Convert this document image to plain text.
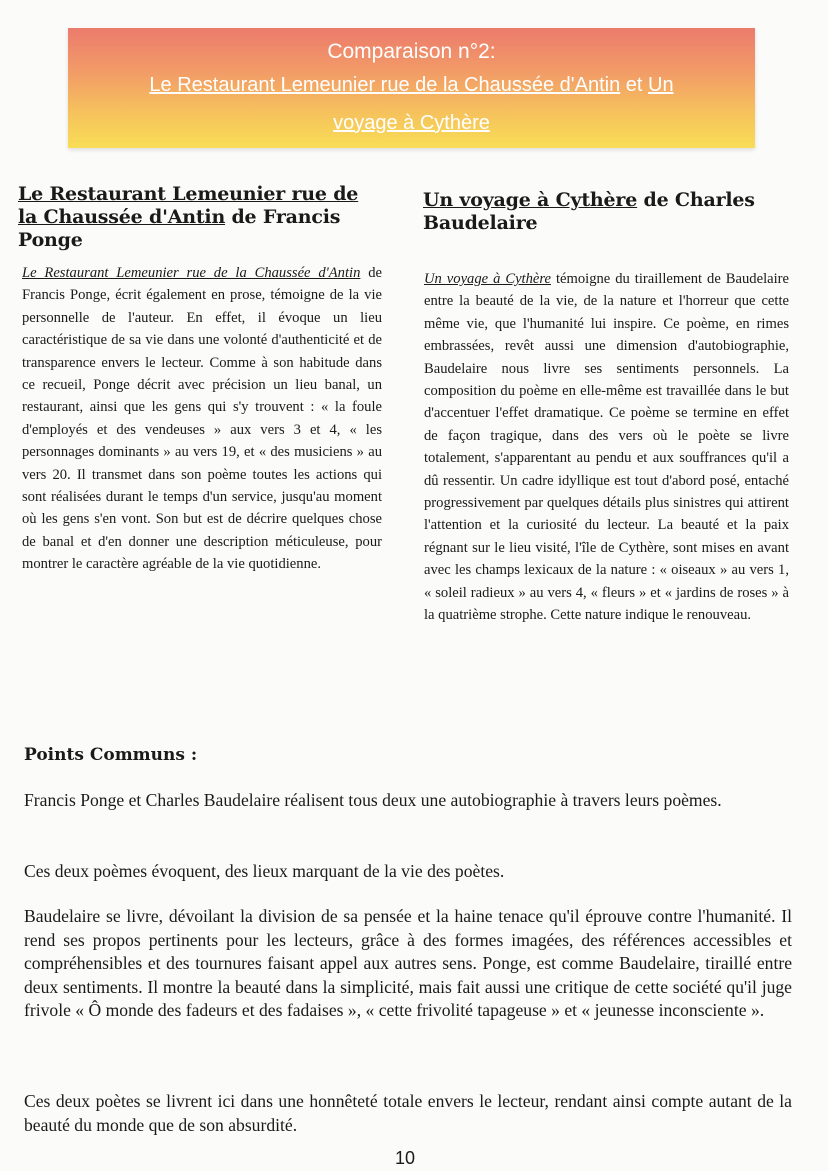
Comparaison n°2:
Le Restaurant Lemeunier rue de la Chaussée d'Antin et Un
voyage à Cythère
Le Restaurant Lemeunier rue de
la Chaussée d'Antin de Francis
Ponge

Le Restaurant Lemeunier rue de la Chaussée d'Antin de Francis Ponge, écrit également en prose, témoigne de la vie personnelle de l'auteur. En effet, il évoque un lieu caractéristique de sa vie dans une volonté d'authenticité et de transparence envers le lecteur. Comme à son habitude dans ce recueil, Ponge décrit avec précision un lieu banal, un restaurant, ainsi que les gens qui s'y trouvent : « la foule d'employés et des vendeuses » aux vers 3 et 4, « les personnages dominants » au vers 19, et « des musiciens » au vers 20. Il transmet dans son poème toutes les actions qui sont réalisées durant le temps d'un service, jusqu'au moment où les gens s'en vont. Son but est de décrire quelques chose de banal et d'en donner une description méticuleuse, pour montrer le caractère agréable de la vie quotidienne.

Un voyage à Cythère de Charles
Baudelaire

Un voyage à Cythère témoigne du tiraillement de Baudelaire entre la beauté de la vie, de la nature et l'horreur que cette même vie, que l'humanité lui inspire. Ce poème, en rimes embrassées, revêt aussi une dimension d'autobiographie, Baudelaire nous livre ses sentiments personnels. La composition du poème en elle-même est travaillée dans le but d'accentuer l'effet dramatique. Ce poème se termine en effet de façon tragique, dans des vers où le poète se livre totalement, s'apparentant au pendu et aux souffrances qu'il a dû ressentir. Un cadre idyllique est tout d'abord posé, entaché progressivement par quelques détails plus sinistres qui attirent l'attention et la curiosité du lecteur. La beauté et la paix régnant sur le lieu visité, l'île de Cythère, sont mises en avant avec les champs lexicaux de la nature : « oiseaux » au vers 1, « soleil radieux » au vers 4, « fleurs » et « jardins de roses » à la quatrième strophe. Cette nature indique le renouveau.

Points Communs :

Francis Ponge et Charles Baudelaire réalisent tous deux une autobiographie à travers leurs poèmes.

Ces deux poèmes évoquent, des lieux marquant de la vie des poètes.

Baudelaire se livre, dévoilant la division de sa pensée et la haine tenace qu'il éprouve contre l'humanité. Il rend ses propos pertinents pour les lecteurs, grâce à des formes imagées, des références accessibles et compréhensibles et des tournures faisant appel aux autres sens. Ponge, est comme Baudelaire, tiraillé entre deux sentiments. Il montre la beauté dans la simplicité, mais fait aussi une critique de cette société qu'il juge frivole « Ô monde des fadeurs et des fadaises », « cette frivolité tapageuse » et « jeunesse inconsciente ».

Ces deux poètes se livrent ici dans une honnêteté totale envers le lecteur, rendant ainsi compte autant de la beauté du monde que de son absurdité.

10
